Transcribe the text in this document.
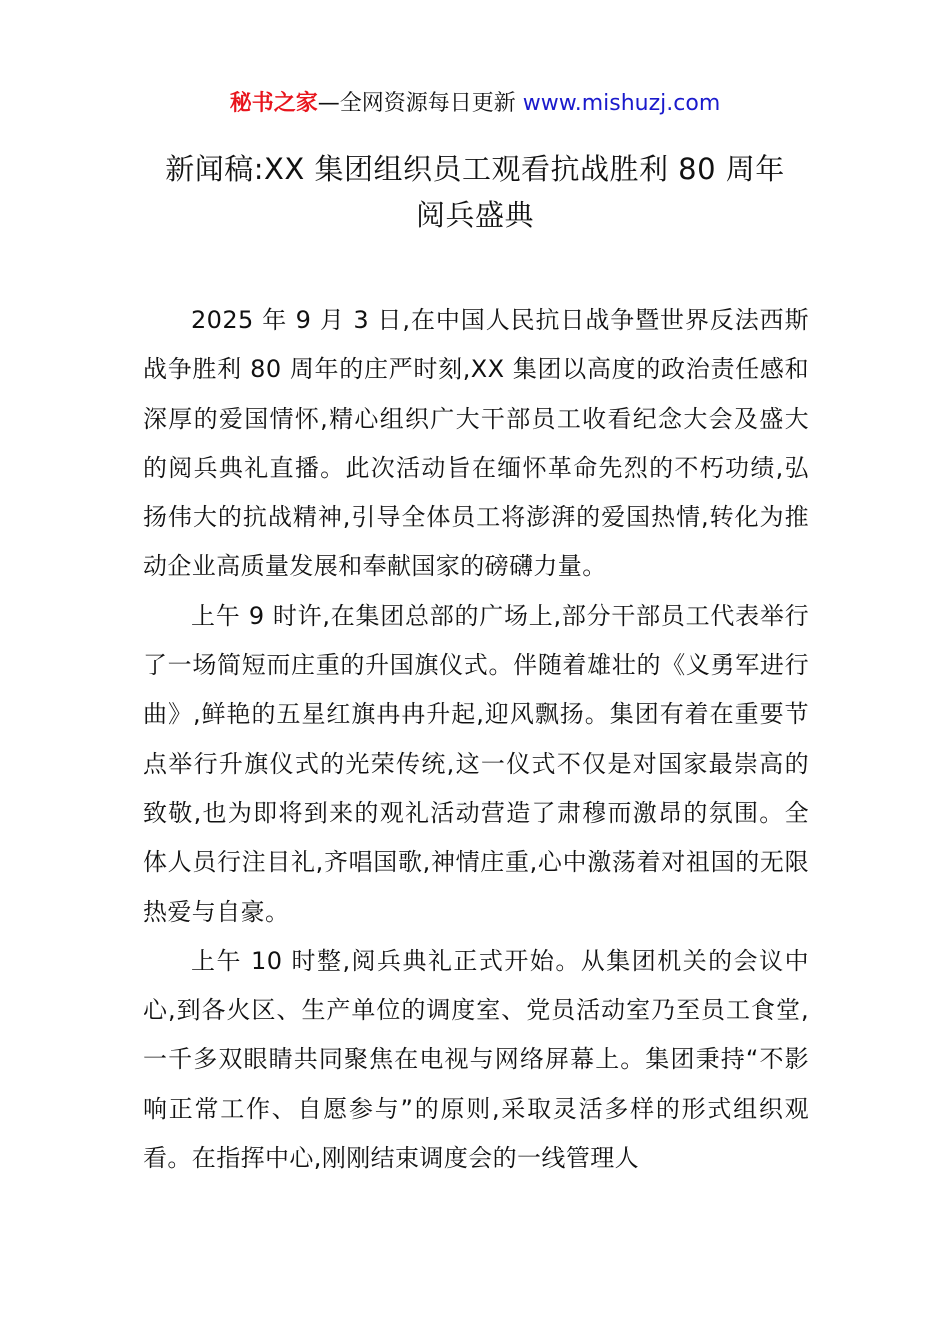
秘书之家—全网资源每日更新 www.mishuzj.com
新闻稿:XX 集团组织员工观看抗战胜利 80 周年
阅兵盛典

2025 年 9 月 3 日,在中国人民抗日战争暨世界反法西斯战争胜利 80 周年的庄严时刻,XX 集团以高度的政治责任感和深厚的爱国情怀,精心组织广大干部员工收看纪念大会及盛大的阅兵典礼直播。此次活动旨在缅怀革命先烈的不朽功绩,弘扬伟大的抗战精神,引导全体员工将澎湃的爱国热情,转化为推动企业高质量发展和奉献国家的磅礴力量。

上午 9 时许,在集团总部的广场上,部分干部员工代表举行了一场简短而庄重的升国旗仪式。伴随着雄壮的《义勇军进行曲》,鲜艳的五星红旗冉冉升起,迎风飘扬。集团有着在重要节点举行升旗仪式的光荣传统,这一仪式不仅是对国家最崇高的致敬,也为即将到来的观礼活动营造了肃穆而激昂的氛围。全体人员行注目礼,齐唱国歌,神情庄重,心中激荡着对祖国的无限热爱与自豪。

上午 10 时整,阅兵典礼正式开始。从集团机关的会议中心,到各火区、生产单位的调度室、党员活动室乃至员工食堂,一千多双眼睛共同聚焦在电视与网络屏幕上。集团秉持“不影响正常工作、自愿参与”的原则,采取灵活多样的形式组织观看。在指挥中心,刚刚结束调度会的一线管理人
